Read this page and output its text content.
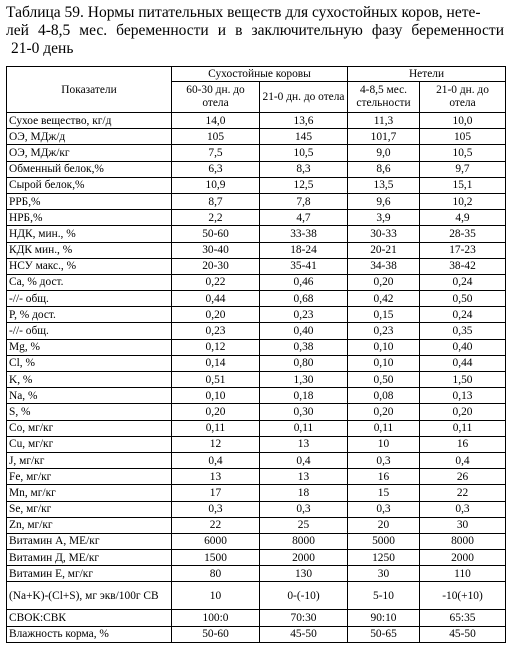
Таблица 59. Нормы питательных веществ для сухостойных коров, нете-
лей 4-8,5 мес. беременности и в заключительную фазу беременности
21-0 день
Показатели	Сухостойные коровы		Нетели	
	60-30 дн. до отела	21-0 дн. до отела	4-8,5 мес. стельности	21-0 дн. до отела
Сухое вещество, кг/д	14,0	13,6	11,3	10,0
ОЭ, МДж/д	105	145	101,7	105
ОЭ, МДж/кг	7,5	10,5	9,0	10,5
Обменный белок,%	6,3	8,3	8,6	9,7
Сырой белок,%	10,9	12,5	13,5	15,1
РРБ,%	8,7	7,8	9,6	10,2
НРБ,%	2,2	4,7	3,9	4,9
НДК, мин., %	50-60	33-38	30-33	28-35
КДК мин., %	30-40	18-24	20-21	17-23
НСУ макс., %	20-30	35-41	34-38	38-42
Ca, % дост.	0,22	0,46	0,20	0,24
-//- общ.	0,44	0,68	0,42	0,50
P, % дост.	0,20	0,23	0,15	0,24
-//- общ.	0,23	0,40	0,23	0,35
Mg, %	0,12	0,38	0,10	0,40
Cl, %	0,14	0,80	0,10	0,44
K, %	0,51	1,30	0,50	1,50
Na, %	0,10	0,18	0,08	0,13
S, %	0,20	0,30	0,20	0,20
Co, мг/кг	0,11	0,11	0,11	0,11
Cu, мг/кг	12	13	10	16
J, мг/кг	0,4	0,4	0,3	0,4
Fe, мг/кг	13	13	16	26
Mn, мг/кг	17	18	15	22
Se, мг/кг	0,3	0,3	0,3	0,3
Zn, мг/кг	22	25	20	30
Витамин А, МЕ/кг	6000	8000	5000	8000
Витамин Д, МЕ/кг	1500	2000	1250	2000
Витамин Е, мг/кг	80	130	30	110
(Na+K)-(Cl+S), мг экв/100г СВ	10	0-(-10)	5-10	-10(+10)
СВОК:СВК	100:0	70:30	90:10	65:35
Влажность корма, %	50-60	45-50	50-65	45-50
